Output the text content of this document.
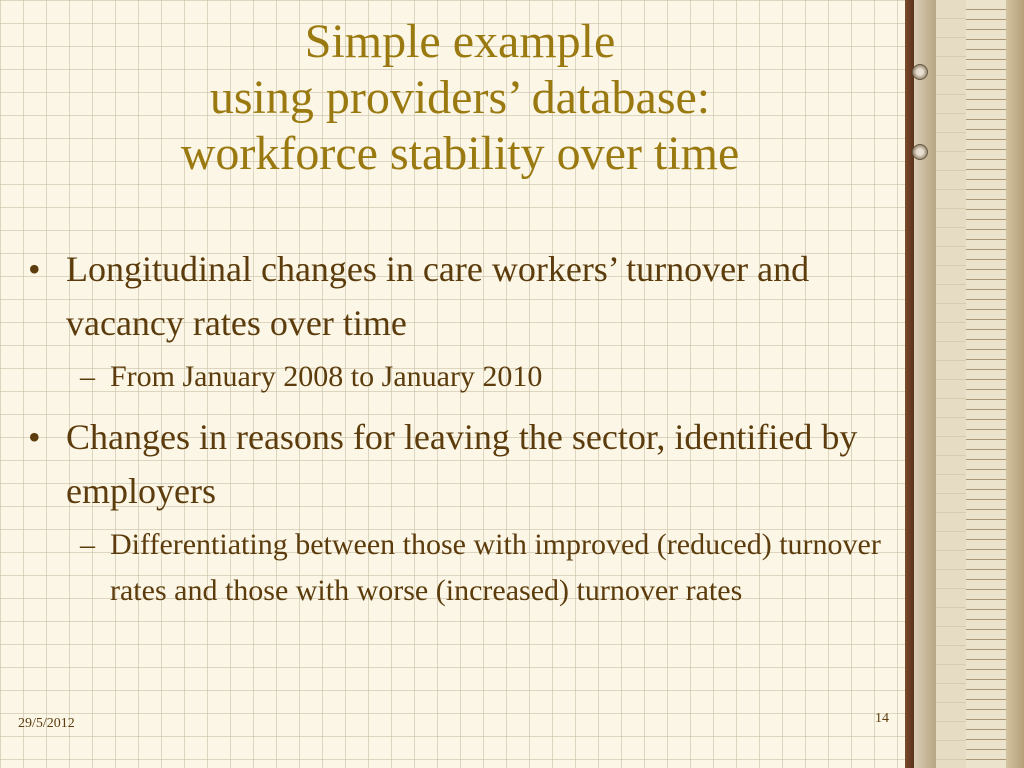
Simple example
using providers’ database:
workforce stability over time
• Longitudinal changes in care workers’ turnover and vacancy rates over time
– From January 2008 to January 2010
• Changes in reasons for leaving the sector, identified by employers
– Differentiating between those with improved (reduced) turnover rates and those with worse (increased) turnover rates
29/5/2012	14
